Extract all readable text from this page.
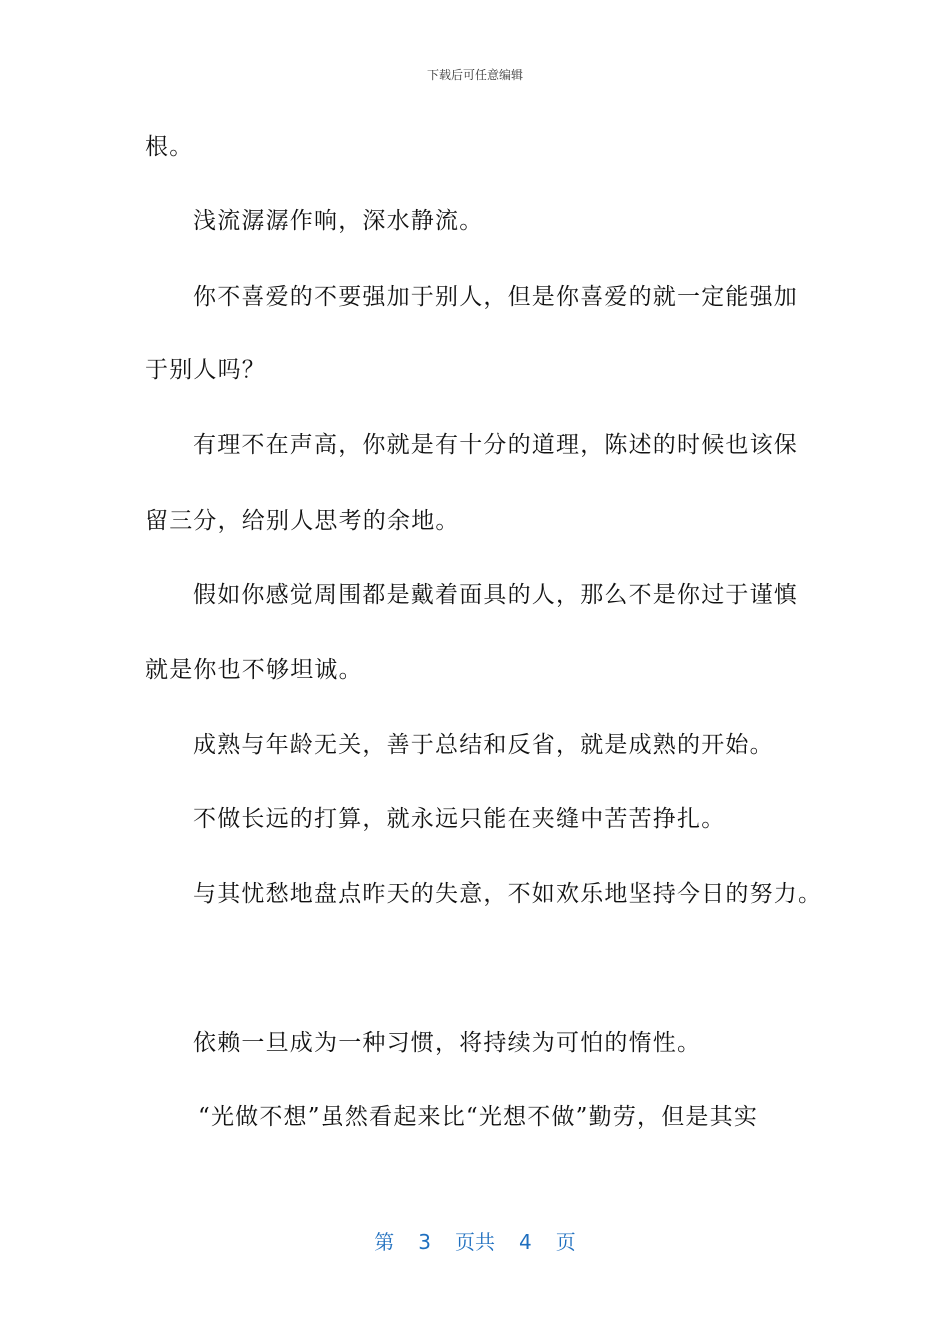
下载后可任意编辑
根。
浅流潺潺作响，深水静流。
你不喜爱的不要强加于别人，但是你喜爱的就一定能强加
于别人吗？
有理不在声高，你就是有十分的道理，陈述的时候也该保
留三分，给别人思考的余地。
假如你感觉周围都是戴着面具的人，那么不是你过于谨慎
就是你也不够坦诚。
成熟与年龄无关，善于总结和反省，就是成熟的开始。
不做长远的打算，就永远只能在夹缝中苦苦挣扎。
与其忧愁地盘点昨天的失意，不如欢乐地坚持今日的努力。
依赖一旦成为一种习惯，将持续为可怕的惰性。
“光做不想”虽然看起来比“光想不做”勤劳，但是其实
第 3 页共 4 页
